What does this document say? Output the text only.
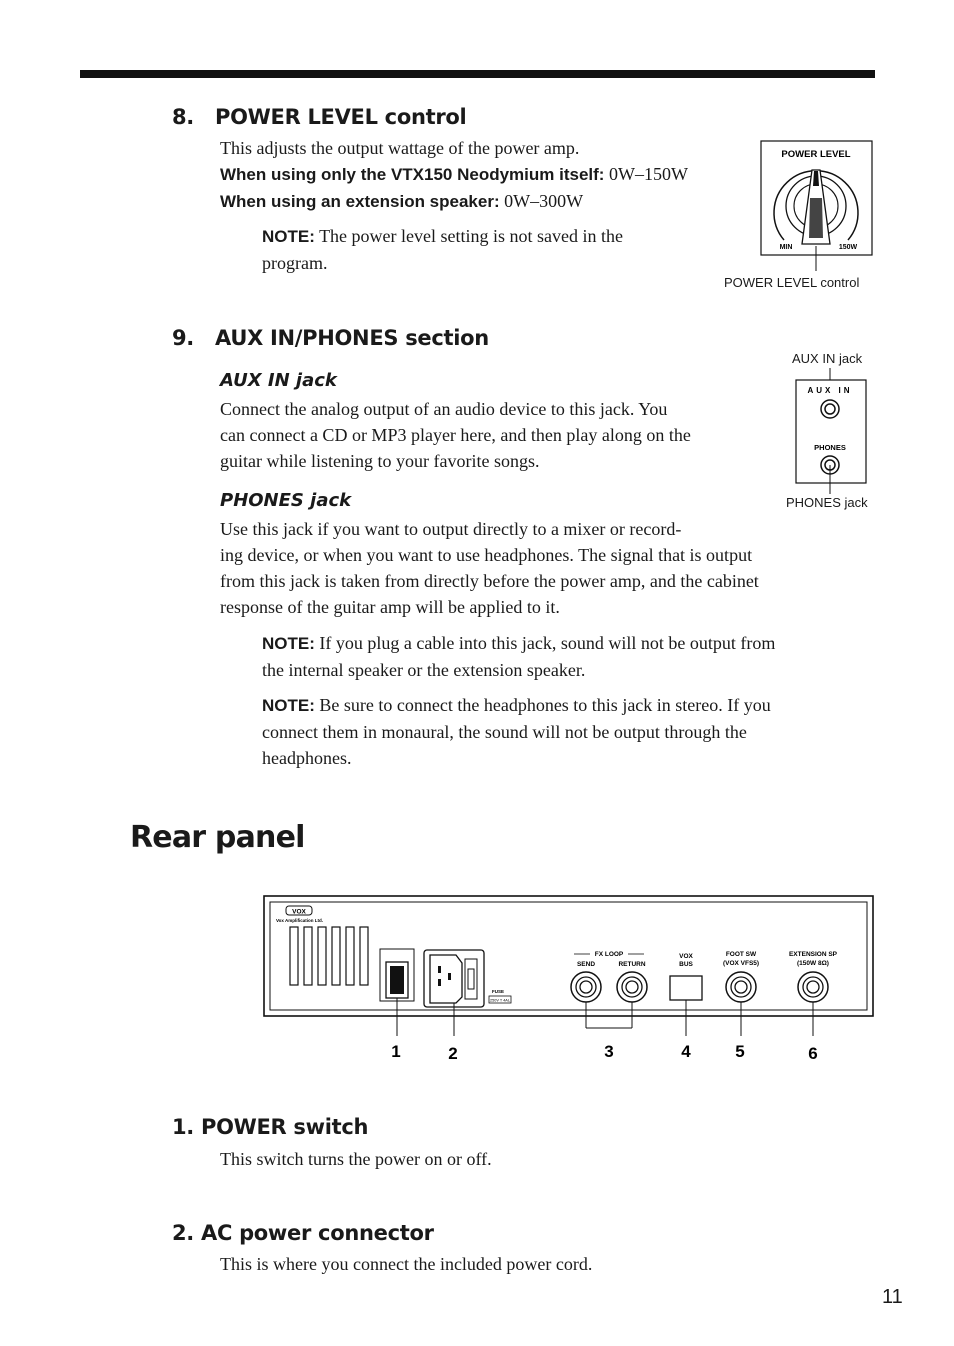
8.   POWER LEVEL control
This adjusts the output wattage of the power amp.
When using only the VTX150 Neodymium itself: 0W–150W
When using an extension speaker: 0W–300W
NOTE: The power level setting is not saved in the
program.
POWER LEVEL
MIN	150W
POWER LEVEL control
9.   AUX IN/PHONES section
AUX IN jack
Connect the analog output of an audio device to this jack. You
can connect a CD or MP3 player here, and then play along on the
guitar while listening to your favorite songs.
PHONES jack
Use this jack if you want to output directly to a mixer or record-
ing device, or when you want to use headphones. The signal that is output
from this jack is taken from directly before the power amp, and the cabinet
response of the guitar amp will be applied to it.
NOTE: If you plug a cable into this jack, sound will not be output from
the internal speaker or the extension speaker.
NOTE: Be sure to connect the headphones to this jack in stereo. If you
connect them in monaural, the sound will not be output through the
headphones.
AUX IN jack
AUX IN
PHONES
PHONES jack
Rear panel
VOX
Vox Amplification Ltd.
FUSE
250V T 4AL
FX LOOP
SEND	RETURN
VOX
BUS
FOOT SW
(VOX VFS5)
EXTENSION SP
(150W 8Ω)
1	2	3	4	5	6
1. POWER switch
This switch turns the power on or off.
2. AC power connector
This is where you connect the included power cord.
11
